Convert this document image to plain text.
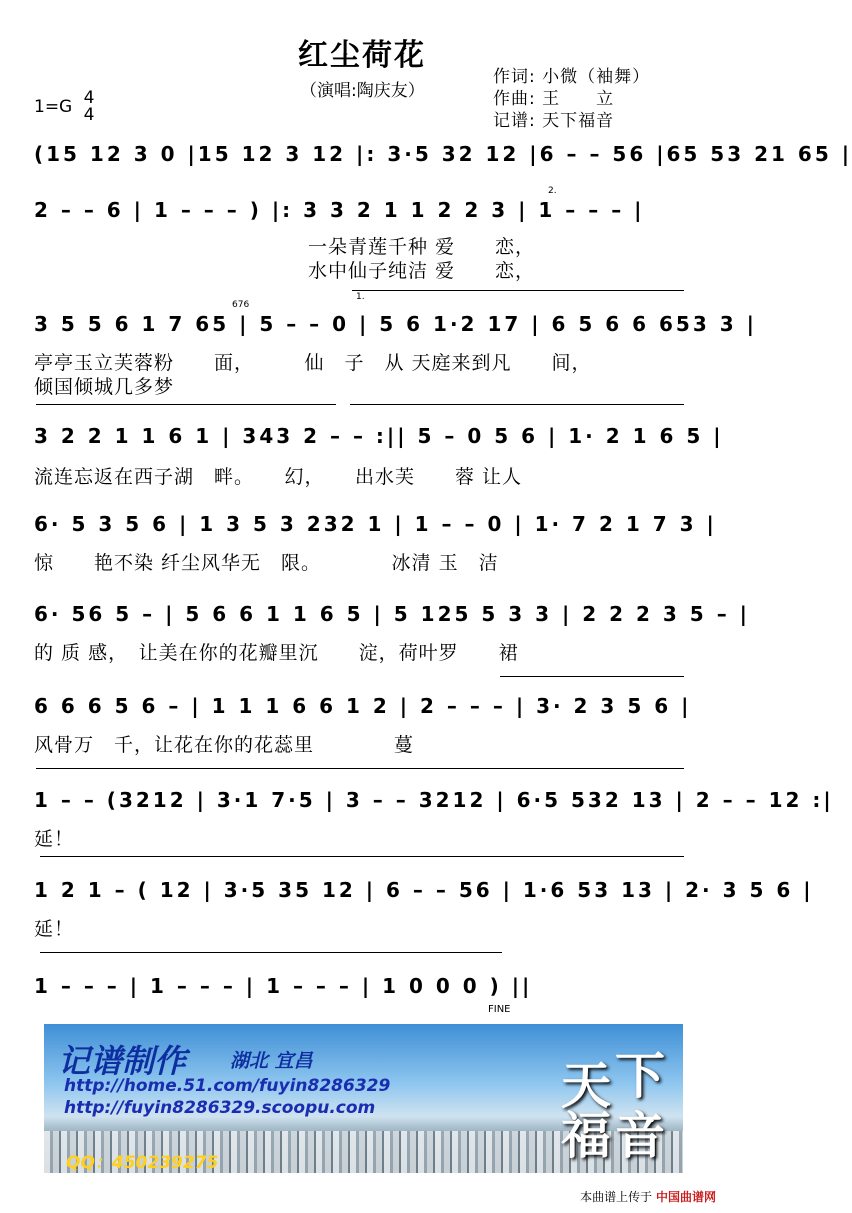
红尘荷花
（演唱:陶庆友）
1=G 4
4
作词: 小微（袖舞）
作曲: 王　　立
记谱: 天下福音
(15 12 3 0 |15 12 3 12 |: 3·5 32 12 |6 – – 56 |65 53 21 65 |
2 – – 6 | 1 – – – ) |: 3 3 2 1 1 2 2 3 | 1 – – – |
2.
一朵青莲千种 爱　　恋，
水中仙子纯洁 爱　　恋，
1.
676
3 5 5 6 1 7 65 | 5 – – 0 | 5 6 1·2 17 | 6 5 6 6 653 3 |
亭亭玉立芙蓉粉　　面，　　　仙　子　从 天庭来到凡　　间，
倾国倾城几多梦
3 2 2 1 1 6 1 | 343 2 – – :|| 5 – 0 5 6 | 1· 2 1 6 5 |
流连忘返在西子湖　畔。　　幻，　　出水芙　　蓉 让人
6· 5 3 5 6 | 1 3 5 3 232 1 | 1 – – 0 | 1· 7 2 1 7 3 |
惊　　艳不染 纤尘风华无　限。　　　　冰清 玉　洁
6· 56 5 – | 5 6 6 1 1 6 5 | 5 125 5 3 3 | 2 2 2 3 5 – |
的 质 感，　让美在你的花瓣里沉　　淀，荷叶罗　　裙
6 6 6 5 6 – | 1 1 1 6 6 1 2 | 2 – – – | 3· 2 3 5 6 |
风骨万　千，让花在你的花蕊里　　　　蔓
1 – – (3212 | 3·1 7·5 | 3 – – 3212 | 6·5 532 13 | 2 – – 12 :|
延！
1 2 1 – ( 12 | 3·5 35 12 | 6 – – 56 | 1·6 53 13 | 2· 3 5 6 |
延！
1 – – – | 1 – – – | 1 – – – | 1 0 0 0 ) ||
FINE
记谱制作 湖北 宜昌
http://home.51.com/fuyin8286329
http://fuyin8286329.scoopu.com
QQ：450239275
天 下
福 音
本曲谱上传于 中国曲谱网
